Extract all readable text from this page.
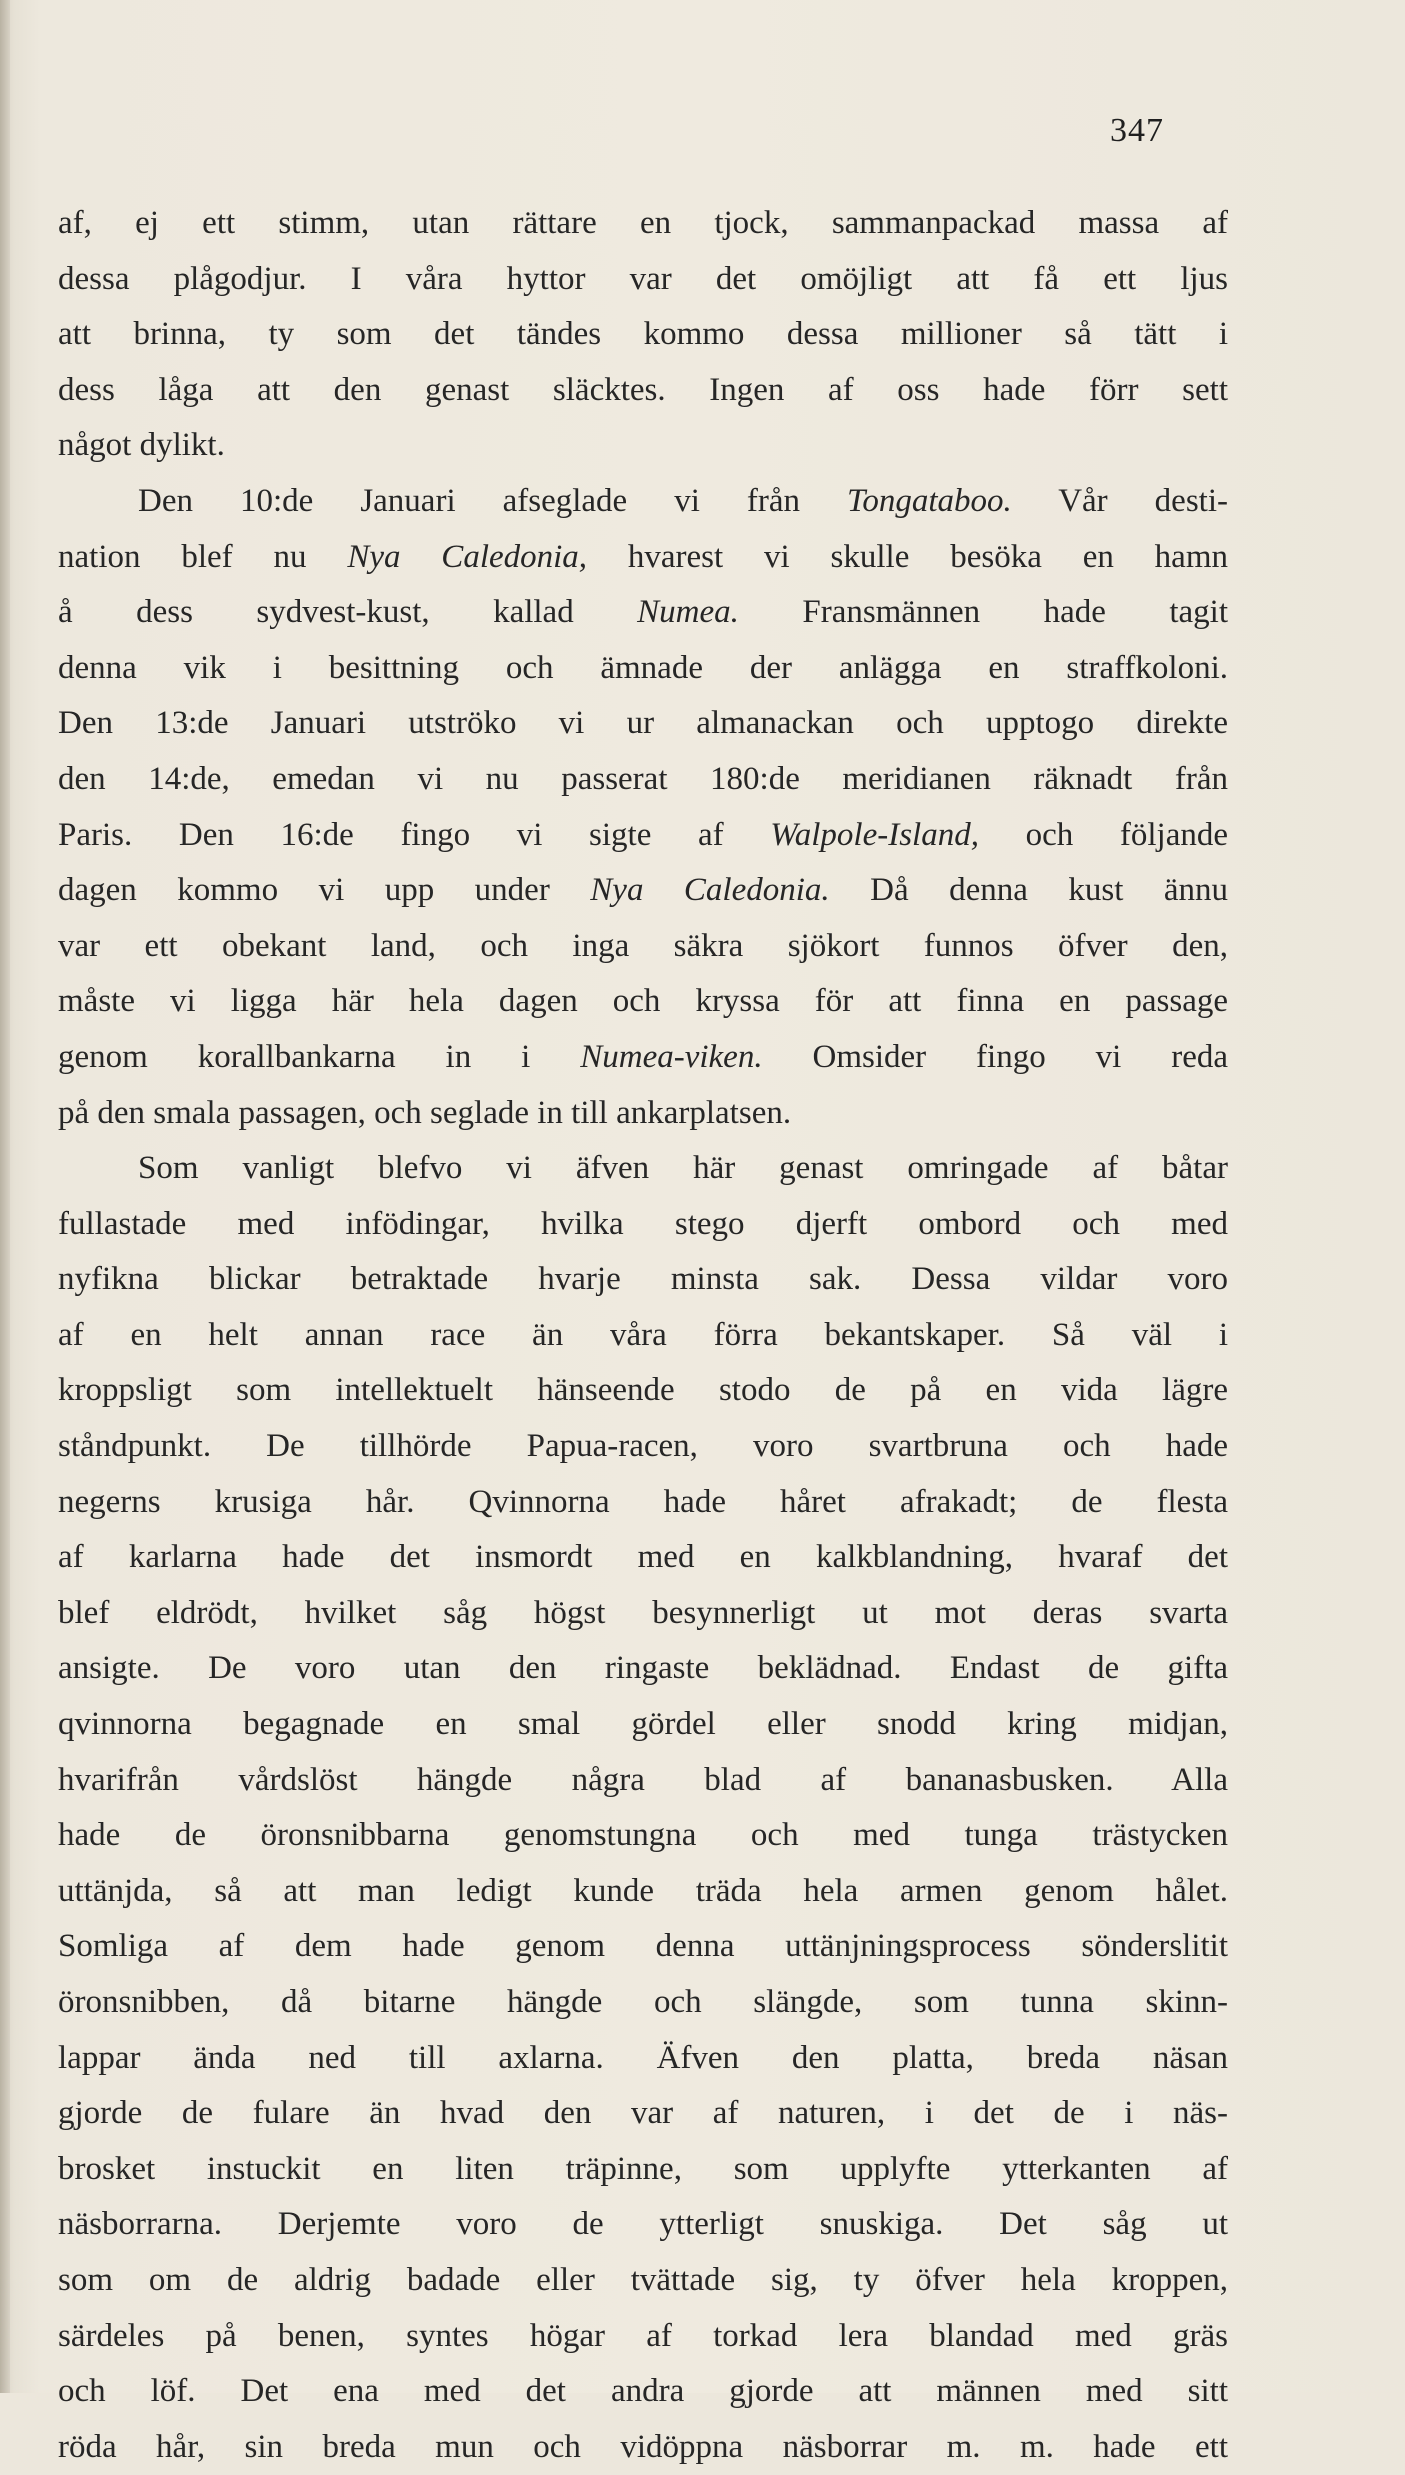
347
af, ej ett stimm, utan rättare en tjock, sammanpackad massa af
dessa plågodjur. I våra hyttor var det omöjligt att få ett ljus
att brinna, ty som det tändes kommo dessa millioner så tätt i
dess låga att den genast släcktes. Ingen af oss hade förr sett
något dylikt.
Den 10:de Januari afseglade vi från Tongataboo. Vår desti-
nation blef nu Nya Caledonia, hvarest vi skulle besöka en hamn
å dess sydvest-kust, kallad Numea. Fransmännen hade tagit
denna vik i besittning och ämnade der anlägga en straffkoloni.
Den 13:de Januari utströko vi ur almanackan och upptogo direkte
den 14:de, emedan vi nu passerat 180:de meridianen räknadt från
Paris. Den 16:de fingo vi sigte af Walpole-Island, och följande
dagen kommo vi upp under Nya Caledonia. Då denna kust ännu
var ett obekant land, och inga säkra sjökort funnos öfver den,
måste vi ligga här hela dagen och kryssa för att finna en passage
genom korallbankarna in i Numea-viken. Omsider fingo vi reda
på den smala passagen, och seglade in till ankarplatsen.
Som vanligt blefvo vi äfven här genast omringade af båtar
fullastade med infödingar, hvilka stego djerft ombord och med
nyfikna blickar betraktade hvarje minsta sak. Dessa vildar voro
af en helt annan race än våra förra bekantskaper. Så väl i
kroppsligt som intellektuelt hänseende stodo de på en vida lägre
ståndpunkt. De tillhörde Papua-racen, voro svartbruna och hade
negerns krusiga hår. Qvinnorna hade håret afrakadt; de flesta
af karlarna hade det insmordt med en kalkblandning, hvaraf det
blef eldrödt, hvilket såg högst besynnerligt ut mot deras svarta
ansigte. De voro utan den ringaste beklädnad. Endast de gifta
qvinnorna begagnade en smal gördel eller snodd kring midjan,
hvarifrån vårdslöst hängde några blad af bananasbusken. Alla
hade de öronsnibbarna genomstungna och med tunga trästycken
uttänjda, så att man ledigt kunde träda hela armen genom hålet.
Somliga af dem hade genom denna uttänjningsprocess sönderslitit
öronsnibben, då bitarne hängde och slängde, som tunna skinn-
lappar ända ned till axlarna. Äfven den platta, breda näsan
gjorde de fulare än hvad den var af naturen, i det de i näs-
brosket instuckit en liten träpinne, som upplyfte ytterkanten af
näsborrarna. Derjemte voro de ytterligt snuskiga. Det såg ut
som om de aldrig badade eller tvättade sig, ty öfver hela kroppen,
särdeles på benen, syntes högar af torkad lera blandad med gräs
och löf. Det ena med det andra gjorde att männen med sitt
röda hår, sin breda mun och vidöppna näsborrar m. m. hade ett
